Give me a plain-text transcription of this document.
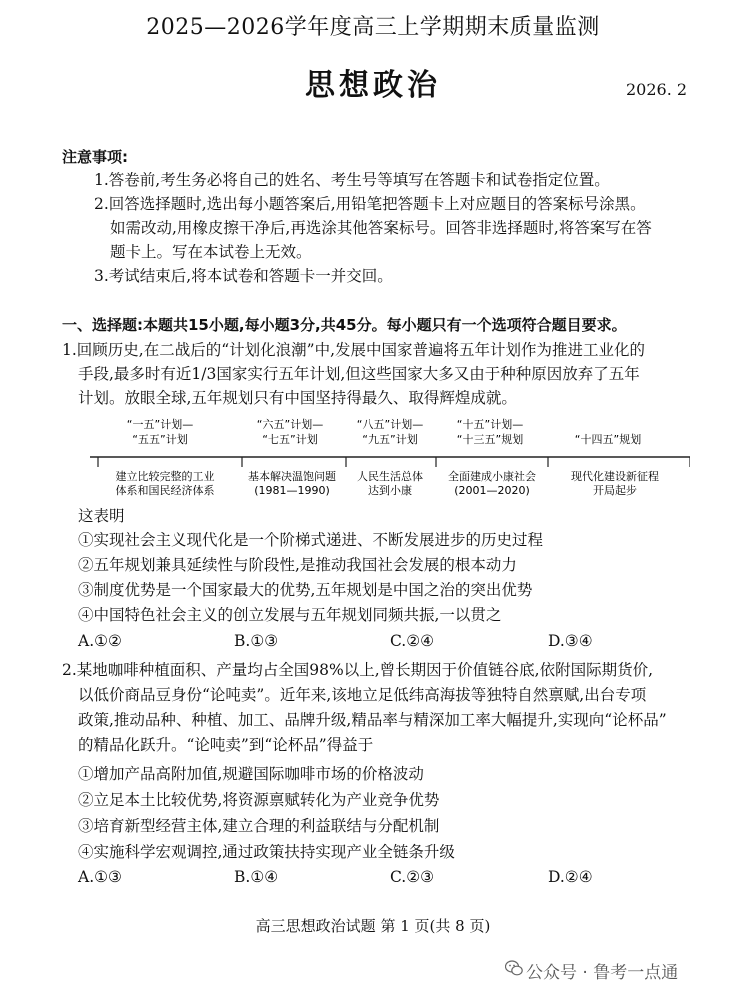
2025—2026学年度高三上学期期末质量监测
思想政治	2026. 2
注意事项:
1.答卷前,考生务必将自己的姓名、考生号等填写在答题卡和试卷指定位置。
2.回答选择题时,选出每小题答案后,用铅笔把答题卡上对应题目的答案标号涂黑。
如需改动,用橡皮擦干净后,再选涂其他答案标号。回答非选择题时,将答案写在答
题卡上。写在本试卷上无效。
3.考试结束后,将本试卷和答题卡一并交回。
一、选择题:本题共15小题,每小题3分,共45分。每小题只有一个选项符合题目要求。
1.回顾历史,在二战后的“计划化浪潮”中,发展中国家普遍将五年计划作为推进工业化的
手段,最多时有近1/3国家实行五年计划,但这些国家大多又由于种种原因放弃了五年
计划。放眼全球,五年规划只有中国坚持得最久、取得辉煌成就。
“一五”计划—
“五五”计划
“六五”计划—
“七五”计划
“八五”计划—
“九五”计划
“十五”计划—
“十三五”规划	“十四五”规划
建立比较完整的工业
体系和国民经济体系
基本解决温饱问题
(1981—1990)
人民生活总体
达到小康
全面建成小康社会
(2001—2020)
现代化建设新征程
开局起步
这表明
①实现社会主义现代化是一个阶梯式递进、不断发展进步的历史过程
②五年规划兼具延续性与阶段性,是推动我国社会发展的根本动力
③制度优势是一个国家最大的优势,五年规划是中国之治的突出优势
④中国特色社会主义的创立发展与五年规划同频共振,一以贯之
A.①②	B.①③	C.②④	D.③④
2.某地咖啡种植面积、产量均占全国98%以上,曾长期因于价值链谷底,依附国际期货价,
以低价商品豆身份“论吨卖”。近年来,该地立足低纬高海拔等独特自然禀赋,出台专项
政策,推动品种、种植、加工、品牌升级,精品率与精深加工率大幅提升,实现向“论杯品”
的精品化跃升。“论吨卖”到“论杯品”得益于
①增加产品高附加值,规避国际咖啡市场的价格波动
②立足本土比较优势,将资源禀赋转化为产业竞争优势
③培育新型经营主体,建立合理的利益联结与分配机制
④实施科学宏观调控,通过政策扶持实现产业全链条升级
A.①③	B.①④	C.②③	D.②④
高三思想政治试题 第 1 页(共 8 页)
公众号 · 鲁考一点通
